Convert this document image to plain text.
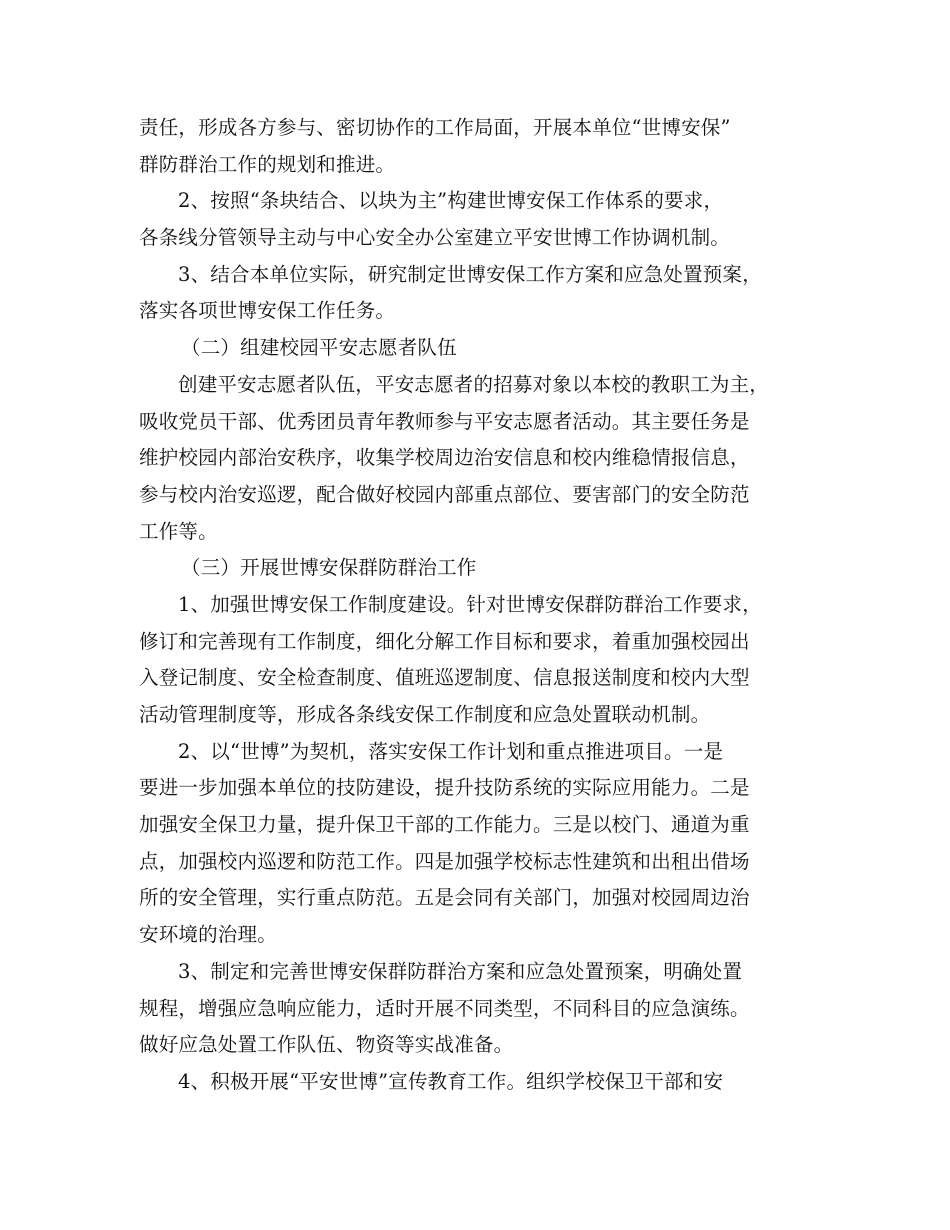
责任，形成各方参与、密切协作的工作局面，开展本单位“世博安保”
群防群治工作的规划和推进。
2、按照“条块结合、以块为主”构建世博安保工作体系的要求，
各条线分管领导主动与中心安全办公室建立平安世博工作协调机制。
3、结合本单位实际，研究制定世博安保工作方案和应急处置预案，
落实各项世博安保工作任务。
（二）组建校园平安志愿者队伍
创建平安志愿者队伍，平安志愿者的招募对象以本校的教职工为主，
吸收党员干部、优秀团员青年教师参与平安志愿者活动。其主要任务是
维护校园内部治安秩序，收集学校周边治安信息和校内维稳情报信息，
参与校内治安巡逻，配合做好校园内部重点部位、要害部门的安全防范
工作等。
（三）开展世博安保群防群治工作
1、加强世博安保工作制度建设。针对世博安保群防群治工作要求，
修订和完善现有工作制度，细化分解工作目标和要求，着重加强校园出
入登记制度、安全检查制度、值班巡逻制度、信息报送制度和校内大型
活动管理制度等，形成各条线安保工作制度和应急处置联动机制。
2、以“世博”为契机，落实安保工作计划和重点推进项目。一是
要进一步加强本单位的技防建设，提升技防系统的实际应用能力。二是
加强安全保卫力量，提升保卫干部的工作能力。三是以校门、通道为重
点，加强校内巡逻和防范工作。四是加强学校标志性建筑和出租出借场
所的安全管理，实行重点防范。五是会同有关部门，加强对校园周边治
安环境的治理。
3、制定和完善世博安保群防群治方案和应急处置预案，明确处置
规程，增强应急响应能力，适时开展不同类型，不同科目的应急演练。
做好应急处置工作队伍、物资等实战准备。
4、积极开展“平安世博”宣传教育工作。组织学校保卫干部和安
